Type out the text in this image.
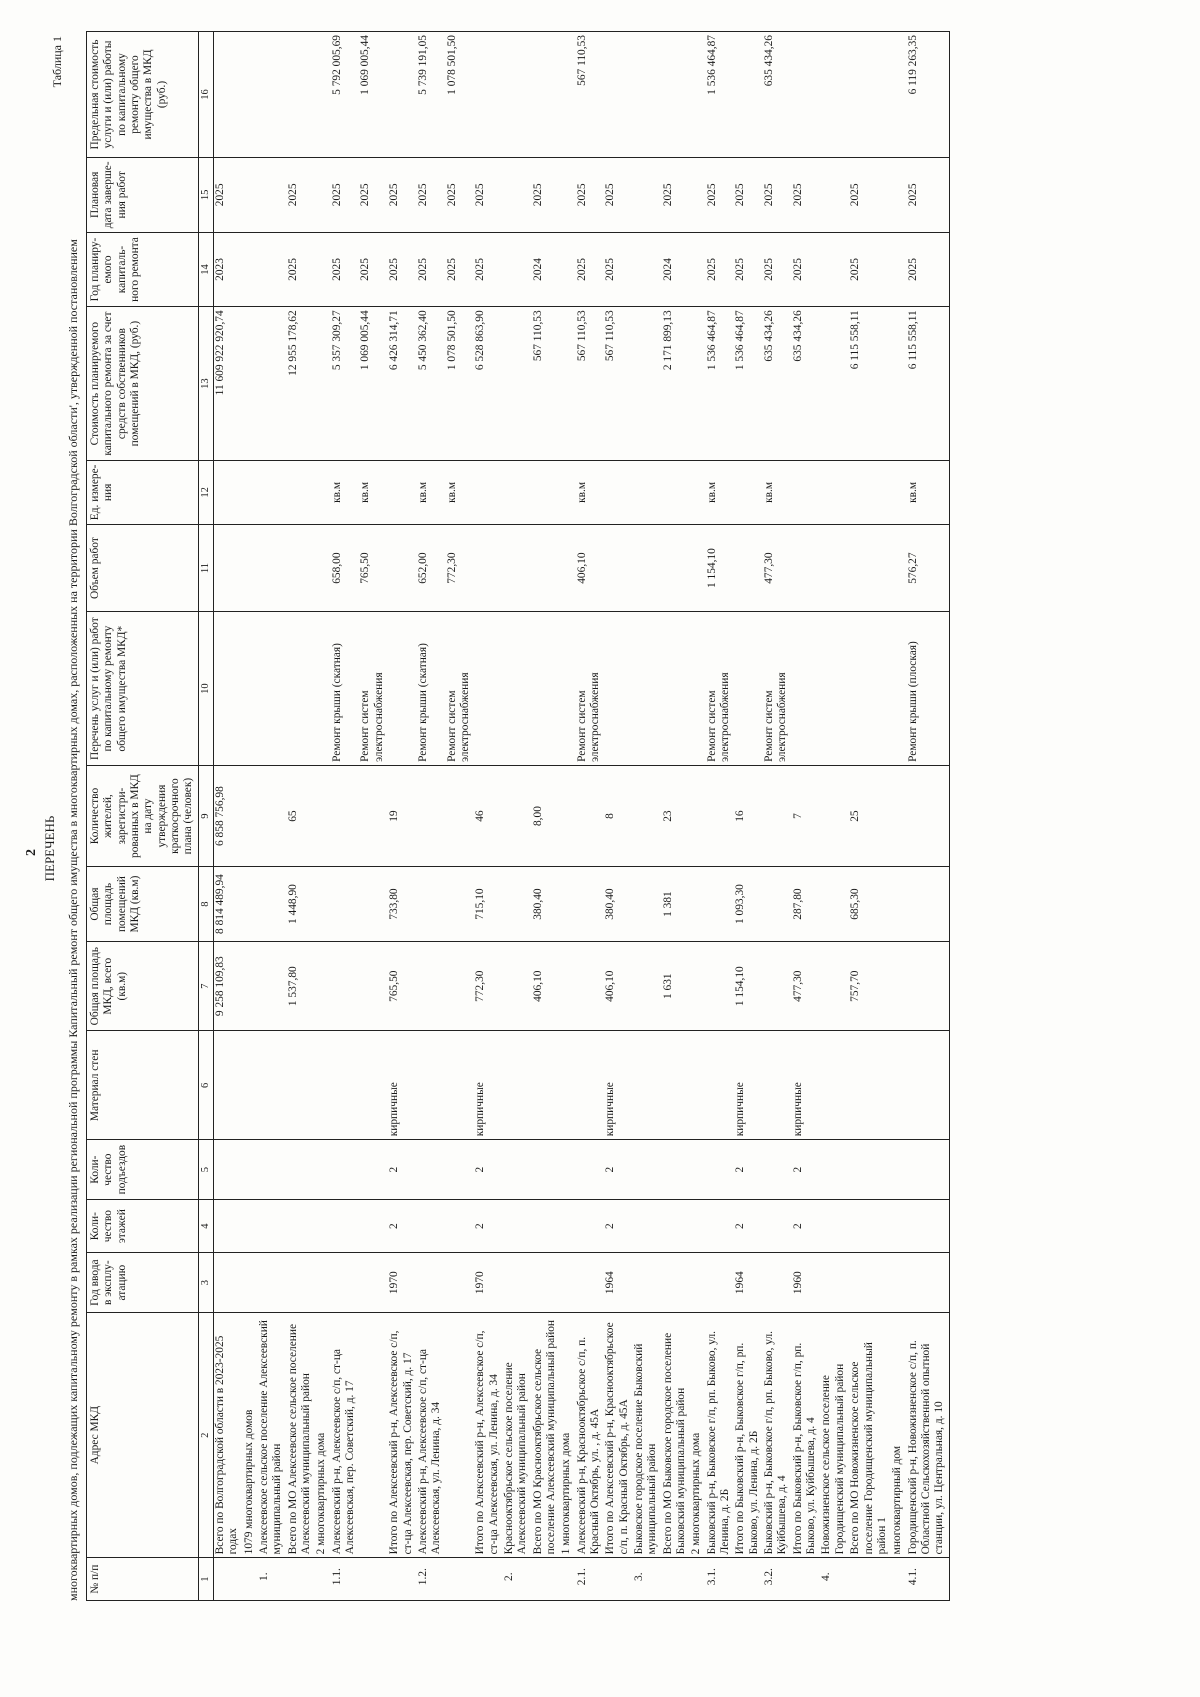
2 ПЕРЕЧЕНЬ
Таблица 1
многоквартирных домов, подлежащих капитальному ремонту в рамках реализации региональной программы Капитальный ремонт общего имущества в многоквартирных домах, расположенных на территории Волгоградской области', утвержденной постановлением № п/п	Адрес МКД	Год ввода в эксплу-атацию	Коли-чество этажей	Коли-чество подъездов	Материал стен	Общая площадь МКД, всего (кв.м)	Общая площадь помещений МКД (кв.м)	Количество жителей, зарегистри-рованных в МКД на дату утверждения краткосрочного плана (человек)	Перечень услуг и (или) работ по капитальному ремонту общего имущества МКД*	Объем работ	Ед. измере-ния	Стоимость планируемого капитального ремонта за счет средств собственников помещений в МКД, (руб.)	Год планиру-емого капиталь-ного ремонта	Плановая дата заверше-ния работ	Предельная стоимость услуги и (или) работы по капитальному ремонту общего имущества в МКД (руб.)
1	2	3	4	5	6	7	8	9	10	11	12	13	14	15	16
	Всего по Волгоградской области в 2023-2025 годах					9 258 109,83	8 814 489,94	6 858 756,98				11 609 922 920,74	2023	2025	
	1079 многоквартирных домов														
1.	Алексеевское сельское поселение Алексеевский муниципальный район														
	Всего по МО Алексеевское сельское поселение Алексеевский муниципальный район					1 537,80	1 448,90	65				12 955 178,62	2025	2025	
	2 многоквартирных дома														
1.1.	Алексеевский р-н, Алексеевское с/п, ст-ца Алексеевская, пер. Советский, д. 17								Ремонт крыши (скатная)	658,00	кв.м	5 357 309,27	2025	2025	5 792 005,69
									Ремонт систем электроснабжения	765,50	кв.м	1 069 005,44	2025	2025	1 069 005,44
	Итого по Алексеевский р-н, Алексеевское с/п, ст-ца Алексеевская, пер. Советский, д. 17	1970	2	2	кирпичные	765,50	733,80	19				6 426 314,71	2025	2025	
1.2.	Алексеевский р-н, Алексеевское с/п, ст-ца Алексеевская, ул. Ленина, д. 34								Ремонт крыши (скатная)	652,00	кв.м	5 450 362,40	2025	2025	5 739 191,05
									Ремонт систем электроснабжения	772,30	кв.м	1 078 501,50	2025	2025	1 078 501,50
	Итого по Алексеевский р-н, Алексеевское с/п, ст-ца Алексеевская, ул. Ленина, д. 34	1970	2	2	кирпичные	772,30	715,10	46				6 528 863,90	2025	2025	
2.	Краснооктябрьское сельское поселение Алексеевский муниципальный район														
	Всего по МО Краснооктябрьское сельское поселение Алексеевский муниципальный район					406,10	380,40	8,00				567 110,53	2024	2025	
	1 многоквартирных дома														
2.1.	Алексеевский р-н, Краснооктябрьское с/п, п. Красный Октябрь, ул. , д. 45А								Ремонт систем электроснабжения	406,10	кв.м	567 110,53	2025	2025	567 110,53
	Итого по Алексеевский р-н, Краснооктябрьское с/п, п. Красный Октябрь, д. 45А	1964	2	2	кирпичные	406,10	380,40	8				567 110,53	2025	2025	
3.	Быковское городское поселение Быковский муниципальный район														
	Всего по МО Быковское городское поселение Быковский муниципальный район					1 631	1 381	23				2 171 899,13	2024	2025	
	2 многоквартирных дома														
3.1.	Быковский р-н, Быковское г/п, рп. Быково, ул. Ленина, д. 2Б								Ремонт систем электроснабжения	1 154,10	кв.м	1 536 464,87	2025	2025	1 536 464,87
	Итого по Быковский р-н, Быковское г/п, рп. Быково, ул. Ленина, д. 2Б	1964	2	2	кирпичные	1 154,10	1 093,30	16				1 536 464,87	2025	2025	
3.2.	Быковский р-н, Быковское г/п, рп. Быково, ул. Куйбышева, д. 4								Ремонт систем электроснабжения	477,30	кв.м	635 434,26	2025	2025	635 434,26
	Итого по Быковский р-н, Быковское г/п, рп. Быково, ул. Куйбышева, д. 4	1960	2	2	кирпичные	477,30	287,80	7				635 434,26	2025	2025	
4.	Новожизненское сельское поселение Городищенский муниципальный район														
	Всего по МО Новожизненское сельское поселение Городищенский муниципальный район 1					757,70	685,30	25				6 115 558,11	2025	2025	
	многоквартирный дом														
4.1.	Городищенский р-н, Новожизненское с/п, п. Областной Сельскохозяйственной опытной станции, ул. Центральная, д. 10								Ремонт крыши (плоская)	576,27	кв.м	6 115 558,11	2025	2025	6 119 263,35
